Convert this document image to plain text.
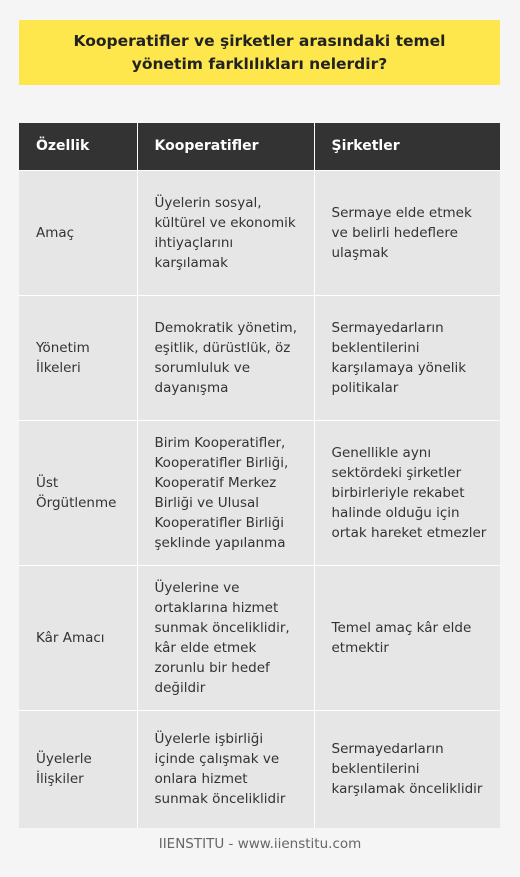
Kooperatifler ve şirketler arasındaki temel yönetim farklılıkları nelerdir?
Özellik	Kooperatifler	Şirketler
Amaç	Üyelerin sosyal, kültürel ve ekonomik ihtiyaçlarını karşılamak	Sermaye elde etmek ve belirli hedeflere ulaşmak
Yönetim İlkeleri	Demokratik yönetim, eşitlik, dürüstlük, öz sorumluluk ve dayanışma	Sermayedarların beklentilerini karşılamaya yönelik politikalar
Üst Örgütlenme	Birim Kooperatifler, Kooperatifler Birliği, Kooperatif Merkez Birliği ve Ulusal Kooperatifler Birliği şeklinde yapılanma	Genellikle aynı sektördeki şirketler birbirleriyle rekabet halinde olduğu için ortak hareket etmezler
Kâr Amacı	Üyelerine ve ortaklarına hizmet sunmak önceliklidir, kâr elde etmek zorunlu bir hedef değildir	Temel amaç kâr elde etmektir
Üyelerle İlişkiler	Üyelerle işbirliği içinde çalışmak ve onlara hizmet sunmak önceliklidir	Sermayedarların beklentilerini karşılamak önceliklidir
IIENSTITU - www.iienstitu.com
